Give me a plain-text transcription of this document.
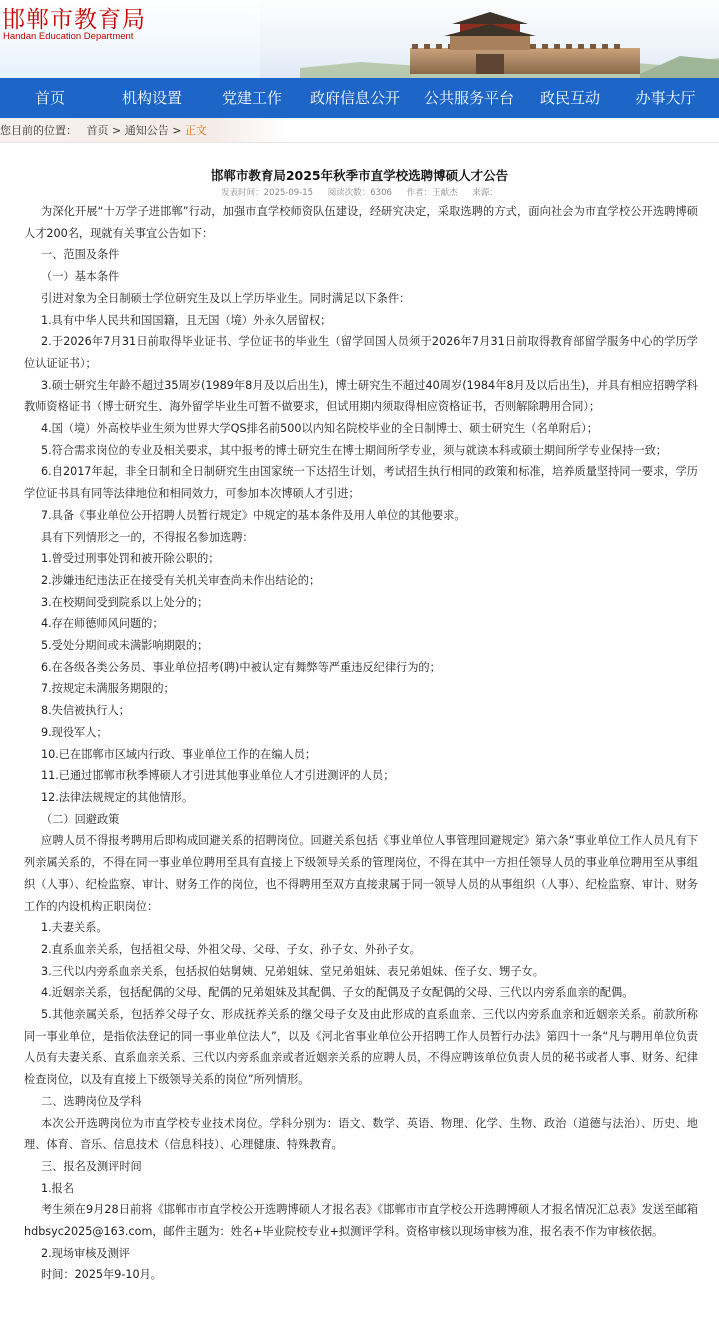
邯郸市教育局
Handan Education Department
首页	机构设置	党建工作	政府信息公开	公共服务平台	政民互动	办事大厅
您目前的位置： 首页 > 通知公告 > 正文
邯郸市教育局2025年秋季市直学校选聘博硕人才公告
发表时间：2025-09-15 阅读次数：6306 作者：王献杰 来源：

为深化开展“十万学子进邯郸”行动，加强市直学校师资队伍建设，经研究决定，采取选聘的方式，面向社会为市直学校公开选聘博硕人才200名，现就有关事宜公告如下：

一、范围及条件

（一）基本条件

引进对象为全日制硕士学位研究生及以上学历毕业生。同时满足以下条件：

1.具有中华人民共和国国籍，且无国（境）外永久居留权；

2.于2026年7月31日前取得毕业证书、学位证书的毕业生（留学回国人员须于2026年7月31日前取得教育部留学服务中心的学历学位认证证书）；

3.硕士研究生年龄不超过35周岁(1989年8月及以后出生)，博士研究生不超过40周岁(1984年8月及以后出生)，并具有相应招聘学科教师资格证书（博士研究生、海外留学毕业生可暂不做要求，但试用期内须取得相应资格证书，否则解除聘用合同）；

4.国（境）外高校毕业生须为世界大学QS排名前500以内知名院校毕业的全日制博士、硕士研究生（名单附后）；

5.符合需求岗位的专业及相关要求，其中报考的博士研究生在博士期间所学专业，须与就读本科或硕士期间所学专业保持一致；

6.自2017年起，非全日制和全日制研究生由国家统一下达招生计划，考试招生执行相同的政策和标准，培养质量坚持同一要求，学历学位证书具有同等法律地位和相同效力，可参加本次博硕人才引进；

7.具备《事业单位公开招聘人员暂行规定》中规定的基本条件及用人单位的其他要求。

具有下列情形之一的，不得报名参加选聘：

1.曾受过刑事处罚和被开除公职的；

2.涉嫌违纪违法正在接受有关机关审查尚未作出结论的；

3.在校期间受到院系以上处分的；

4.存在师德师风问题的；

5.受处分期间或未满影响期限的；

6.在各级各类公务员、事业单位招考(聘)中被认定有舞弊等严重违反纪律行为的；

7.按规定未满服务期限的；

8.失信被执行人；

9.现役军人；

10.已在邯郸市区域内行政、事业单位工作的在编人员；

11.已通过邯郸市秋季博硕人才引进其他事业单位人才引进测评的人员；

12.法律法规规定的其他情形。

（二）回避政策

应聘人员不得报考聘用后即构成回避关系的招聘岗位。回避关系包括《事业单位人事管理回避规定》第六条“事业单位工作人员凡有下列亲属关系的，不得在同一事业单位聘用至具有直接上下级领导关系的管理岗位，不得在其中一方担任领导人员的事业单位聘用至从事组织（人事）、纪检监察、审计、财务工作的岗位，也不得聘用至双方直接隶属于同一领导人员的从事组织（人事）、纪检监察、审计、财务工作的内设机构正职岗位：

1.夫妻关系。

2.直系血亲关系，包括祖父母、外祖父母、父母、子女、孙子女、外孙子女。

3.三代以内旁系血亲关系，包括叔伯姑舅姨、兄弟姐妹、堂兄弟姐妹、表兄弟姐妹、侄子女、甥子女。

4.近姻亲关系，包括配偶的父母、配偶的兄弟姐妹及其配偶、子女的配偶及子女配偶的父母、三代以内旁系血亲的配偶。

5.其他亲属关系，包括养父母子女、形成抚养关系的继父母子女及由此形成的直系血亲、三代以内旁系血亲和近姻亲关系。前款所称同一事业单位，是指依法登记的同一事业单位法人”，以及《河北省事业单位公开招聘工作人员暂行办法》第四十一条“凡与聘用单位负责人员有夫妻关系、直系血亲关系、三代以内旁系血亲或者近姻亲关系的应聘人员，不得应聘该单位负责人员的秘书或者人事、财务、纪律检查岗位，以及有直接上下级领导关系的岗位”所列情形。

二、选聘岗位及学科

本次公开选聘岗位为市直学校专业技术岗位。学科分别为：语文、数学、英语、物理、化学、生物、政治（道德与法治）、历史、地理、体育、音乐、信息技术（信息科技）、心理健康、特殊教育。

三、报名及测评时间

1.报名

考生须在9月28日前将《邯郸市市直学校公开选聘博硕人才报名表》《邯郸市市直学校公开选聘博硕人才报名情况汇总表》发送至邮箱hdbsyc2025@163.com，邮件主题为：姓名+毕业院校专业+拟测评学科。资格审核以现场审核为准，报名表不作为审核依据。

2.现场审核及测评

时间：2025年9-10月。
